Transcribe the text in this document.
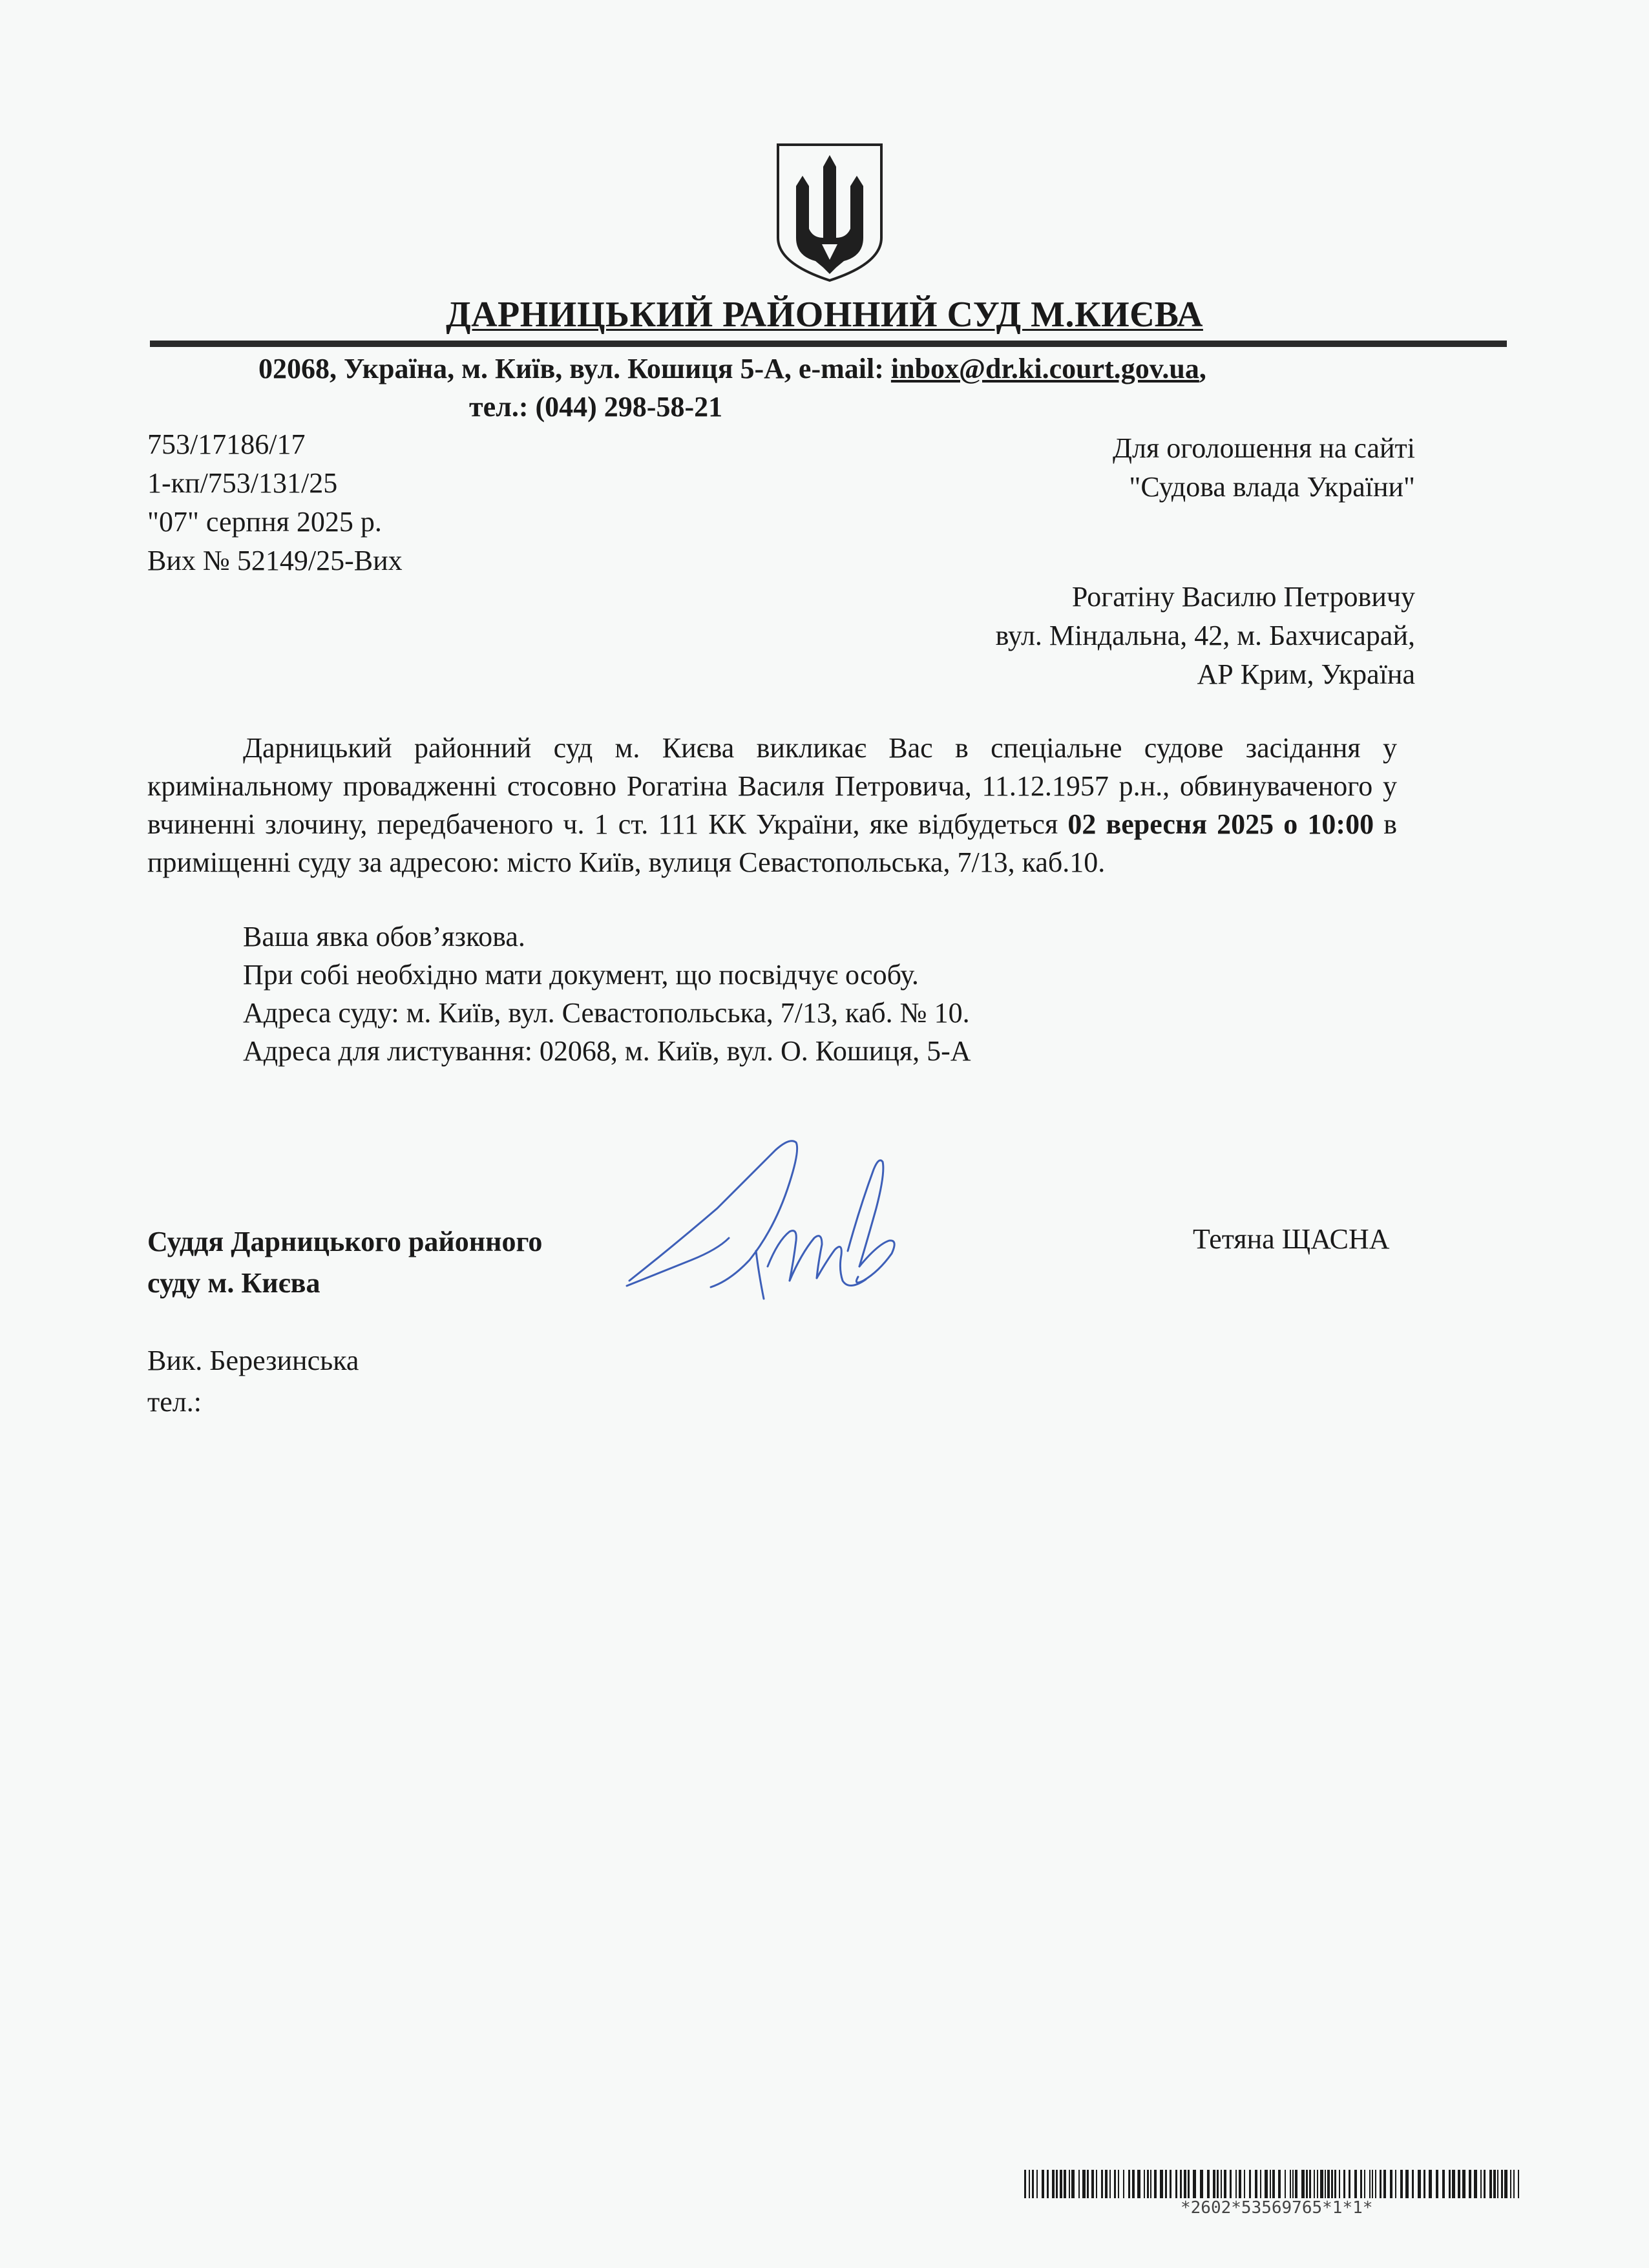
ДАРНИЦЬКИЙ РАЙОННИЙ СУД М.КИЄВА
02068, Україна, м. Київ, вул. Кошиця 5-А, e-mail: inbox@dr.ki.court.gov.ua,
тел.: (044) 298-58-21
753/17186/17
1-кп/753/131/25
"07" серпня 2025 р.
Вих № 52149/25-Вих
Для оголошення на сайті
"Судова влада України"
Рогатіну Василю Петровичу
вул. Міндальна, 42, м. Бахчисарай,
АР Крим, Україна
Дарницький районний суд м. Києва викликає Вас в спеціальне судове засідання у кримінальному провадженні стосовно Рогатіна Василя Петровича, 11.12.1957 р.н., обвинуваченого у вчиненні злочину, передбаченого ч. 1 ст. 111 КК України, яке відбудеться 02 вересня 2025 о 10:00 в приміщенні суду за адресою: місто Київ, вулиця Севастопольська, 7/13, каб.10.
Ваша явка обов’язкова.
При собі необхідно мати документ, що посвідчує особу.
Адреса суду: м. Київ, вул. Севастопольська, 7/13, каб. № 10.
Адреса для листування: 02068, м. Київ, вул. О. Кошиця, 5-А
Суддя Дарницького районного
суду м. Києва
Тетяна ЩАСНА
Вик. Березинська
тел.:
*2602*53569765*1*1*
